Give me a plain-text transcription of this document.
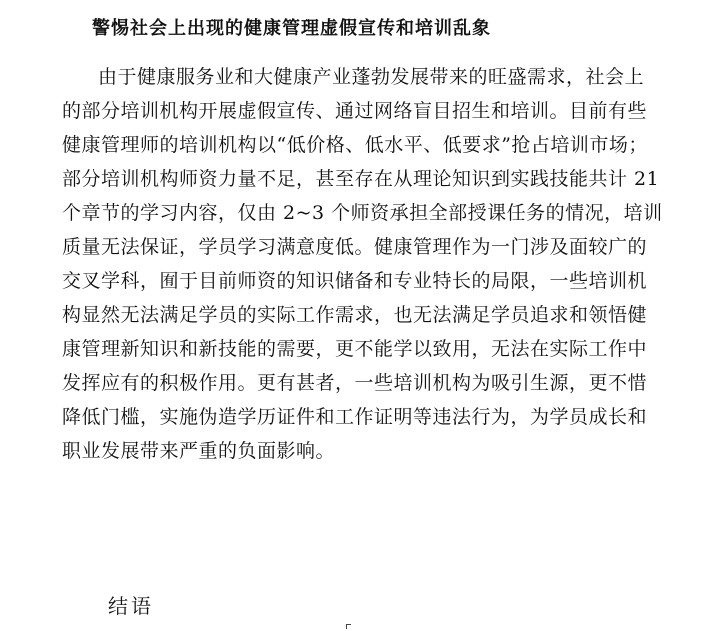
警惕社会上出现的健康管理虚假宣传和培训乱象
由于健康服务业和大健康产业蓬勃发展带来的旺盛需求，社会上
的部分培训机构开展虚假宣传、通过网络盲目招生和培训。目前有些
健康管理师的培训机构以“低价格、低水平、低要求”抢占培训市场；
部分培训机构师资力量不足，甚至存在从理论知识到实践技能共计 21
个章节的学习内容，仅由 2~3 个师资承担全部授课任务的情况，培训
质量无法保证，学员学习满意度低。健康管理作为一门涉及面较广的
交叉学科，囿于目前师资的知识储备和专业特长的局限，一些培训机
构显然无法满足学员的实际工作需求，也无法满足学员追求和领悟健
康管理新知识和新技能的需要，更不能学以致用，无法在实际工作中
发挥应有的积极作用。更有甚者，一些培训机构为吸引生源，更不惜
降低门槛，实施伪造学历证件和工作证明等违法行为，为学员成长和
职业发展带来严重的负面影响。
结语
